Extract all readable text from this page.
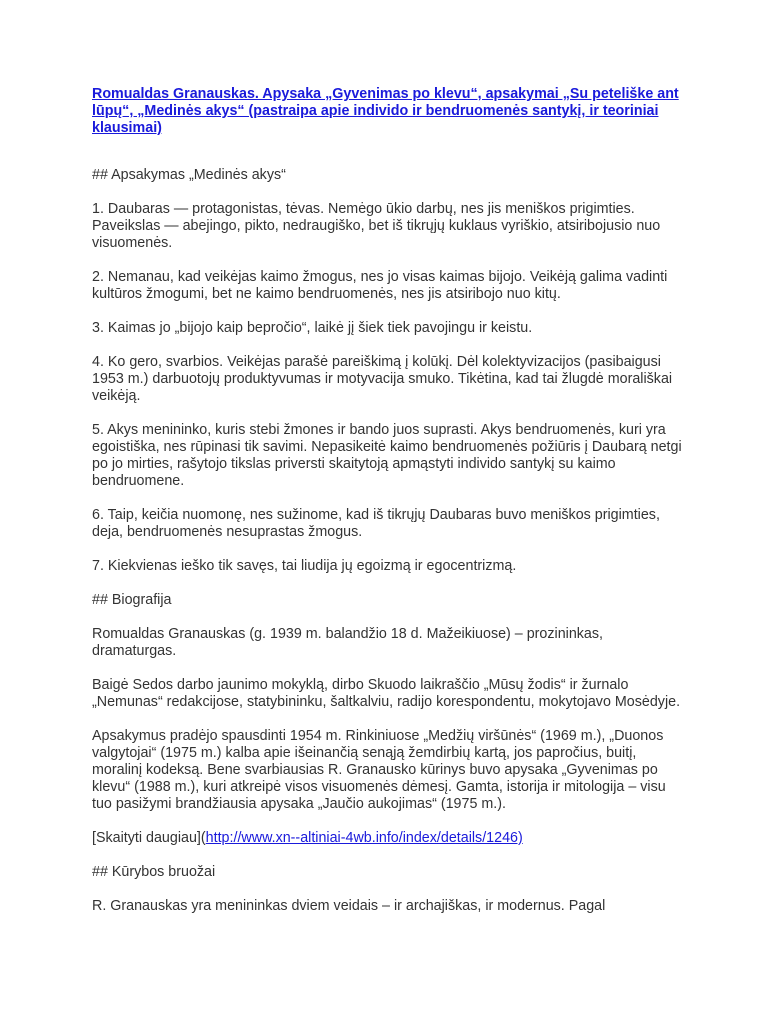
Romualdas Granauskas. Apysaka „Gyvenimas po klevu“, apsakymai „Su peteliške ant lūpų“, „Medinės akys“ (pastraipa apie individo ir bendruomenės santykį, ir teoriniai klausimai)
## Apsakymas „Medinės akys“
1. Daubaras — protagonistas, tėvas. Nemėgo ūkio darbų, nes jis meniškos prigimties. Paveikslas — abejingo, pikto, nedraugiško, bet iš tikrųjų kuklaus vyriškio, atsiribojusio nuo visuomenės.
2. Nemanau, kad veikėjas kaimo žmogus, nes jo visas kaimas bijojo. Veikėją galima vadinti kultūros žmogumi, bet ne kaimo bendruomenės, nes jis atsiribojo nuo kitų.
3. Kaimas jo „bijojo kaip bepročio“, laikė jį šiek tiek pavojingu ir keistu.
4. Ko gero, svarbios. Veikėjas parašė pareiškimą į kolūkį. Dėl kolektyvizacijos (pasibaigusi 1953 m.) darbuotojų produktyvumas ir motyvacija smuko. Tikėtina, kad tai žlugdė morališkai veikėją.
5. Akys menininko, kuris stebi žmones ir bando juos suprasti. Akys bendruomenės, kuri yra egoistiška, nes rūpinasi tik savimi. Nepasikeitė kaimo bendruomenės požiūris į Daubarą netgi po jo mirties, rašytojo tikslas priversti skaitytoją apmąstyti individo santykį su kaimo bendruomene.
6. Taip, keičia nuomonę, nes sužinome, kad iš tikrųjų Daubaras buvo meniškos prigimties, deja, bendruomenės nesuprastas žmogus.
7. Kiekvienas ieško tik savęs, tai liudija jų egoizmą ir egocentrizmą.
## Biografija
Romualdas Granauskas (g. 1939 m. balandžio 18 d. Mažeikiuose) – prozininkas, dramaturgas.
Baigė Sedos darbo jaunimo mokyklą, dirbo Skuodo laikraščio „Mūsų žodis“ ir žurnalo „Nemunas“ redakcijose, statybininku, šaltkalviu, radijo korespondentu, mokytojavo Mosėdyje.
Apsakymus pradėjo spausdinti 1954 m. Rinkiniuose „Medžių viršūnės“ (1969 m.), „Duonos valgytojai“ (1975 m.) kalba apie išeinančią senąją žemdirbių kartą, jos papročius, buitį, moralinį kodeksą. Bene svarbiausias R. Granausko kūrinys buvo apysaka „Gyvenimas po klevu“ (1988 m.), kuri atkreipė visos visuomenės dėmesį. Gamta, istorija ir mitologija – visu tuo pasižymi brandžiausia apysaka „Jaučio aukojimas“ (1975 m.).
[Skaityti daugiau](http://www.xn--altiniai-4wb.info/index/details/1246)
## Kūrybos bruožai
R. Granauskas yra menininkas dviem veidais – ir archajiškas, ir modernus. Pagal
